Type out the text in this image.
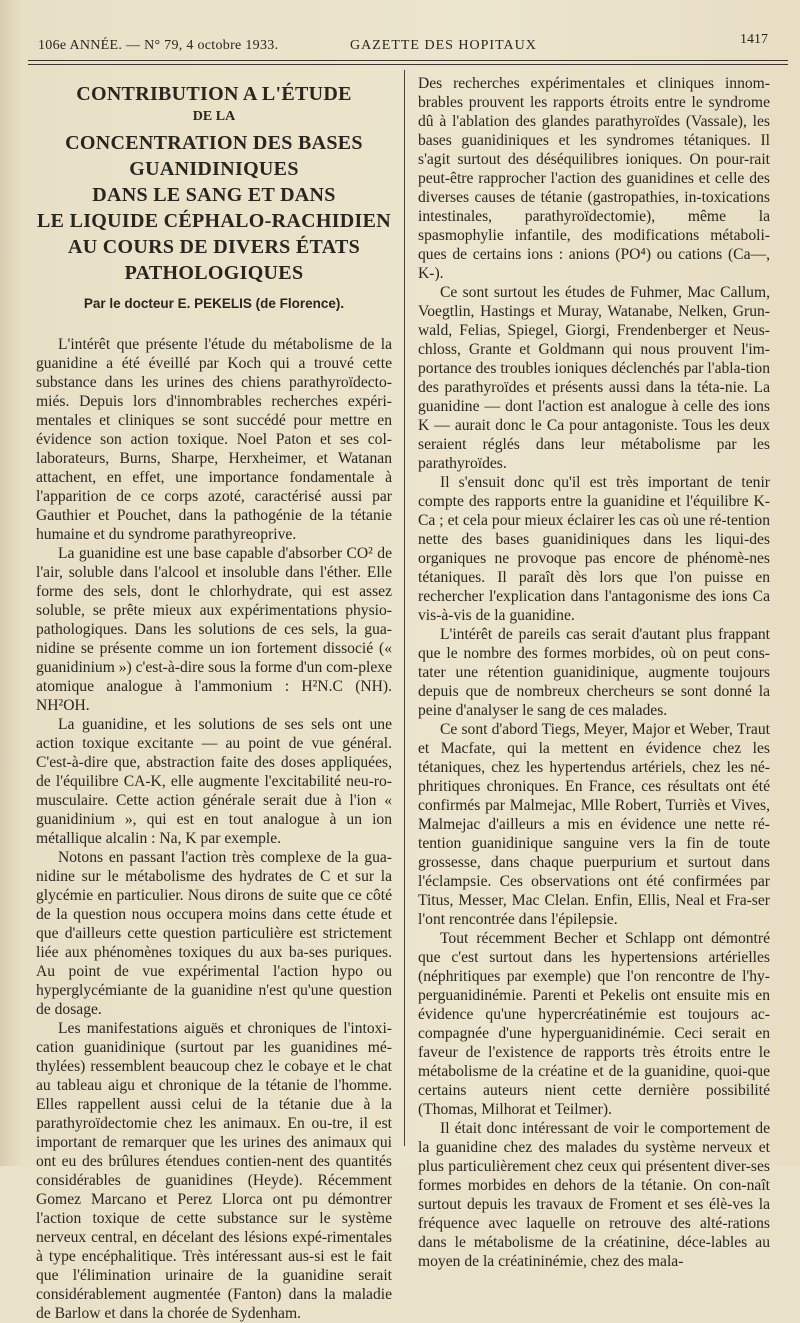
106e ANNÉE. — N° 79, 4 octobre 1933.	GAZETTE DES HOPITAUX	1417
CONTRIBUTION A L'ÉTUDE
DE LA
CONCENTRATION DES BASES GUANIDINIQUES
DANS LE SANG ET DANS
LE LIQUIDE CÉPHALO-RACHIDIEN
AU COURS DE DIVERS ÉTATS PATHOLOGIQUES
Par le docteur E. PEKELIS (de Florence).

L'intérêt que présente l'étude du métabolisme de la guanidine a été éveillé par Koch qui a trouvé cette substance dans les urines des chiens parathyroïdecto-miés. Depuis lors d'innombrables recherches expéri-mentales et cliniques se sont succédé pour mettre en évidence son action toxique. Noel Paton et ses col-laborateurs, Burns, Sharpe, Herxheimer, et Watanan attachent, en effet, une importance fondamentale à l'apparition de ce corps azoté, caractérisé aussi par Gauthier et Pouchet, dans la pathogénie de la tétanie humaine et du syndrome parathyreoprive.

La guanidine est une base capable d'absorber CO² de l'air, soluble dans l'alcool et insoluble dans l'éther. Elle forme des sels, dont le chlorhydrate, qui est assez soluble, se prête mieux aux expérimentations physio-pathologiques. Dans les solutions de ces sels, la gua-nidine se présente comme un ion fortement dissocié (« guanidinium ») c'est-à-dire sous la forme d'un com-plexe atomique analogue à l'ammonium : H²N.C (NH). NH²OH.

La guanidine, et les solutions de ses sels ont une action toxique excitante — au point de vue général. C'est-à-dire que, abstraction faite des doses appliquées, de l'équilibre CA-K, elle augmente l'excitabilité neu-ro-musculaire. Cette action générale serait due à l'ion « guanidinium », qui est en tout analogue à un ion métallique alcalin : Na, K par exemple.

Notons en passant l'action très complexe de la gua-nidine sur le métabolisme des hydrates de C et sur la glycémie en particulier. Nous dirons de suite que ce côté de la question nous occupera moins dans cette étude et que d'ailleurs cette question particulière est strictement liée aux phénomènes toxiques du aux ba-ses puriques. Au point de vue expérimental l'action hypo ou hyperglycémiante de la guanidine n'est qu'une question de dosage.

Les manifestations aiguës et chroniques de l'intoxi-cation guanidinique (surtout par les guanidines mé-thylées) ressemblent beaucoup chez le cobaye et le chat au tableau aigu et chronique de la tétanie de l'homme. Elles rappellent aussi celui de la tétanie due à la parathyroïdectomie chez les animaux. En ou-tre, il est important de remarquer que les urines des animaux qui ont eu des brûlures étendues contien-nent des quantités considérables de guanidines (Heyde). Récemment Gomez Marcano et Perez Llorca ont pu démontrer l'action toxique de cette substance sur le système nerveux central, en décelant des lésions expé-rimentales à type encéphalitique. Très intéressant aus-si est le fait que l'élimination urinaire de la guanidine serait considérablement augmentée (Fanton) dans la maladie de Barlow et dans la chorée de Sydenham.

Des recherches expérimentales et cliniques innom-brables prouvent les rapports étroits entre le syndrome dû à l'ablation des glandes parathyroïdes (Vassale), les bases guanidiniques et les syndromes tétaniques. Il s'agit surtout des déséquilibres ioniques. On pour-rait peut-être rapprocher l'action des guanidines et celle des diverses causes de tétanie (gastropathies, in-toxications intestinales, parathyroïdectomie), même la spasmophylie infantile, des modifications métaboli-ques de certains ions : anions (PO⁴) ou cations (Ca—, K-).

Ce sont surtout les études de Fuhmer, Mac Callum, Voegtlin, Hastings et Muray, Watanabe, Nelken, Grun-wald, Felias, Spiegel, Giorgi, Frendenberger et Neus-chloss, Grante et Goldmann qui nous prouvent l'im-portance des troubles ioniques déclenchés par l'abla-tion des parathyroïdes et présents aussi dans la téta-nie. La guanidine — dont l'action est analogue à celle des ions K — aurait donc le Ca pour antagoniste. Tous les deux seraient réglés dans leur métabolisme par les parathyroïdes.

Il s'ensuit donc qu'il est très important de tenir compte des rapports entre la guanidine et l'équilibre K-Ca ; et cela pour mieux éclairer les cas où une ré-tention nette des bases guanidiniques dans les liqui-des organiques ne provoque pas encore de phénomè-nes tétaniques. Il paraît dès lors que l'on puisse en rechercher l'explication dans l'antagonisme des ions Ca vis-à-vis de la guanidine.

L'intérêt de pareils cas serait d'autant plus frappant que le nombre des formes morbides, où on peut cons-tater une rétention guanidinique, augmente toujours depuis que de nombreux chercheurs se sont donné la peine d'analyser le sang de ces malades.

Ce sont d'abord Tiegs, Meyer, Major et Weber, Traut et Macfate, qui la mettent en évidence chez les tétaniques, chez les hypertendus artériels, chez les né-phritiques chroniques. En France, ces résultats ont été confirmés par Malmejac, Mlle Robert, Turriès et Vives, Malmejac d'ailleurs a mis en évidence une nette ré-tention guanidinique sanguine vers la fin de toute grossesse, dans chaque puerpurium et surtout dans l'éclampsie. Ces observations ont été confirmées par Titus, Messer, Mac Clelan. Enfin, Ellis, Neal et Fra-ser l'ont rencontrée dans l'épilepsie.

Tout récemment Becher et Schlapp ont démontré que c'est surtout dans les hypertensions artérielles (néphritiques par exemple) que l'on rencontre de l'hy-perguanidinémie. Parenti et Pekelis ont ensuite mis en évidence qu'une hypercréatinémie est toujours ac-compagnée d'une hyperguanidinémie. Ceci serait en faveur de l'existence de rapports très étroits entre le métabolisme de la créatine et de la guanidine, quoi-que certains auteurs nient cette dernière possibilité (Thomas, Milhorat et Teilmer).

Il était donc intéressant de voir le comportement de la guanidine chez des malades du système nerveux et plus particulièrement chez ceux qui présentent diver-ses formes morbides en dehors de la tétanie. On con-naît surtout depuis les travaux de Froment et ses élè-ves la fréquence avec laquelle on retrouve des alté-rations dans le métabolisme de la créatinine, déce-lables au moyen de la créatininémie, chez des mala-
